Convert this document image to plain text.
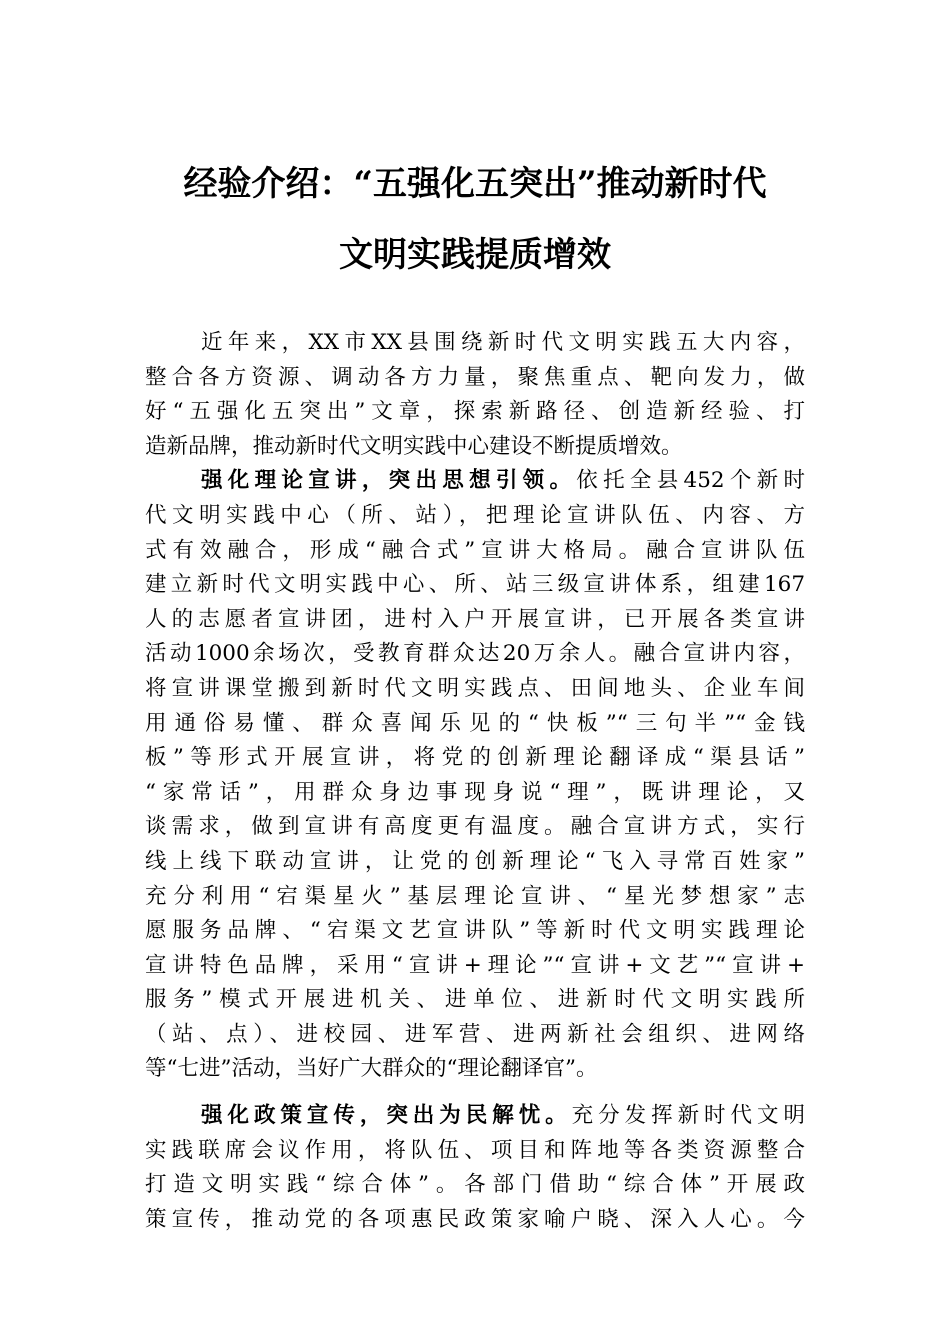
经验介绍：“五强化五突出”推动新时代
文明实践提质增效
近年来，XX市XX县围绕新时代文明实践五大内容，
整合各方资源、调动各方力量，聚焦重点、靶向发力，做
好“五强化五突出”文章，探索新路径、创造新经验、打
造新品牌，推动新时代文明实践中心建设不断提质增效。
强化理论宣讲，突出思想引领。依托全县452个新时
代文明实践中心（所、站），把理论宣讲队伍、内容、方
式有效融合，形成“融合式”宣讲大格局。融合宣讲队伍
建立新时代文明实践中心、所、站三级宣讲体系，组建167
人的志愿者宣讲团，进村入户开展宣讲，已开展各类宣讲
活动1000余场次，受教育群众达20万余人。融合宣讲内容，
将宣讲课堂搬到新时代文明实践点、田间地头、企业车间
用通俗易懂、群众喜闻乐见的“快板”“三句半”“金钱
板”等形式开展宣讲，将党的创新理论翻译成“渠县话”
“家常话”，用群众身边事现身说“理”，既讲理论，又
谈需求，做到宣讲有高度更有温度。融合宣讲方式，实行
线上线下联动宣讲，让党的创新理论“飞入寻常百姓家”
充分利用“宕渠星火”基层理论宣讲、“星光梦想家”志
愿服务品牌、“宕渠文艺宣讲队”等新时代文明实践理论
宣讲特色品牌，采用“宣讲+理论”“宣讲+文艺”“宣讲+
服务”模式开展进机关、进单位、进新时代文明实践所
（站、点）、进校园、进军营、进两新社会组织、进网络
等“七进”活动，当好广大群众的“理论翻译官”。
强化政策宣传，突出为民解忧。充分发挥新时代文明
实践联席会议作用，将队伍、项目和阵地等各类资源整合
打造文明实践“综合体”。各部门借助“综合体”开展政
策宣传，推动党的各项惠民政策家喻户晓、深入人心。今
